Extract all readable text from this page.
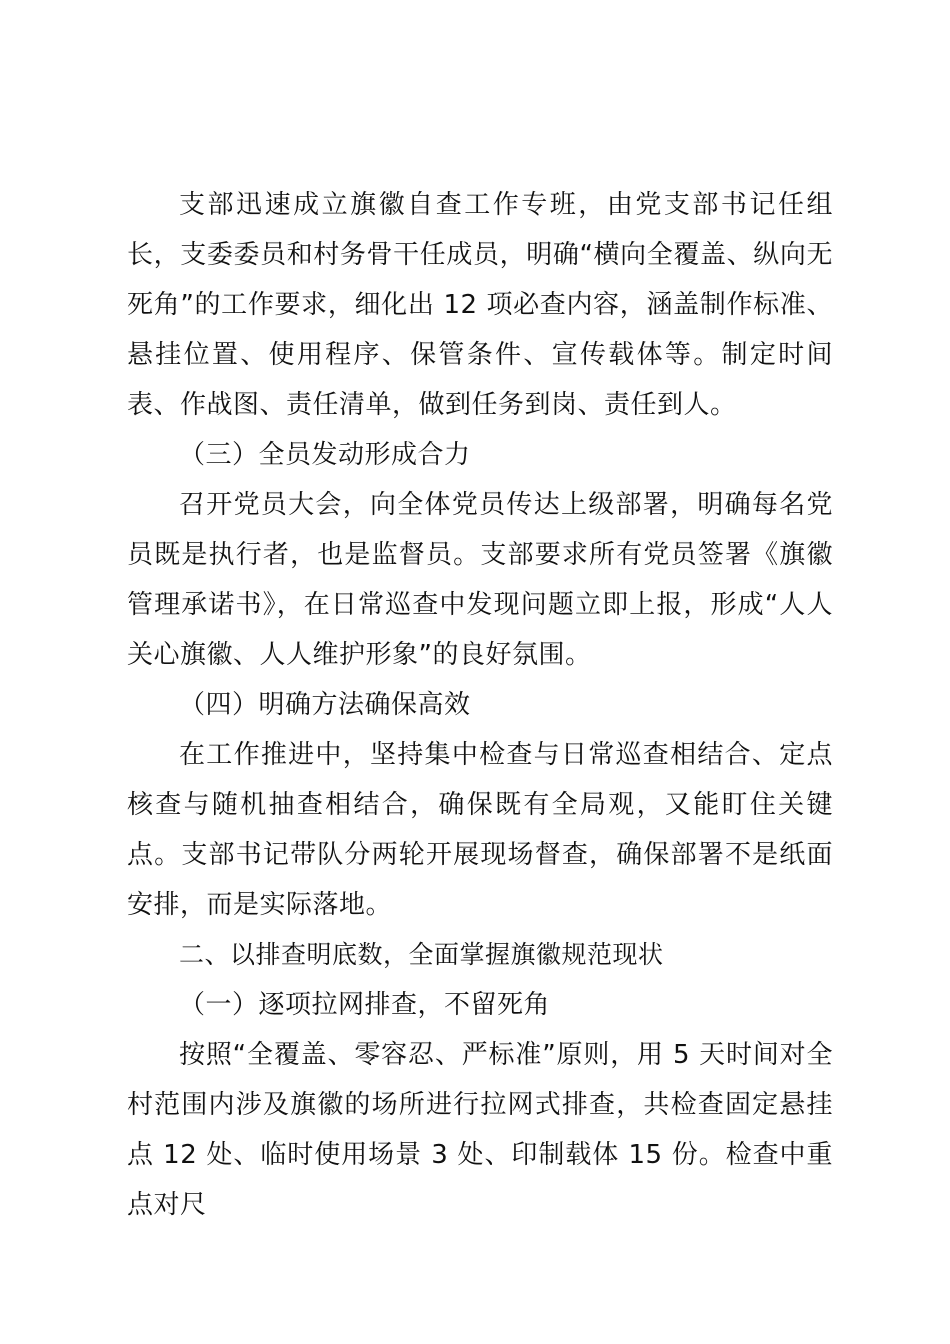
支部迅速成立旗徽自查工作专班，由党支部书记任组长，支委委员和村务骨干任成员，明确“横向全覆盖、纵向无死角”的工作要求，细化出 12 项必查内容，涵盖制作标准、悬挂位置、使用程序、保管条件、宣传载体等。制定时间表、作战图、责任清单，做到任务到岗、责任到人。

（三）全员发动形成合力

召开党员大会，向全体党员传达上级部署，明确每名党员既是执行者，也是监督员。支部要求所有党员签署《旗徽管理承诺书》，在日常巡查中发现问题立即上报，形成“人人关心旗徽、人人维护形象”的良好氛围。

（四）明确方法确保高效

在工作推进中，坚持集中检查与日常巡查相结合、定点核查与随机抽查相结合，确保既有全局观，又能盯住关键点。支部书记带队分两轮开展现场督查，确保部署不是纸面安排，而是实际落地。

二、以排查明底数，全面掌握旗徽规范现状

（一）逐项拉网排查，不留死角

按照“全覆盖、零容忍、严标准”原则，用 5 天时间对全村范围内涉及旗徽的场所进行拉网式排查，共检查固定悬挂点 12 处、临时使用场景 3 处、印制载体 15 份。检查中重点对尺
